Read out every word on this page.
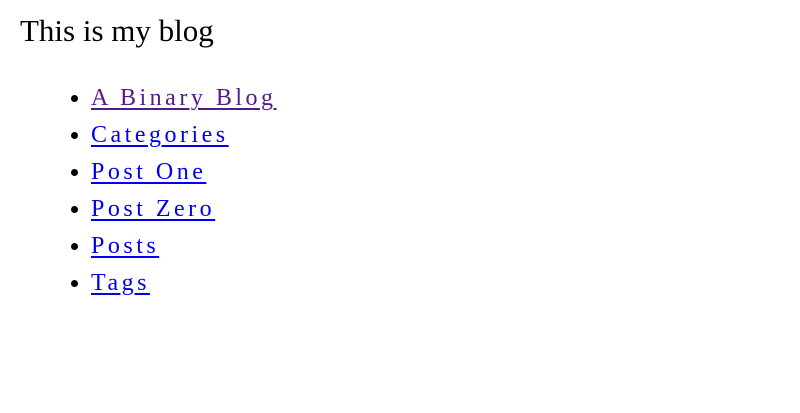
This is my blog
• A Binary Blog
• Categories
• Post One
• Post Zero
• Posts
• Tags
